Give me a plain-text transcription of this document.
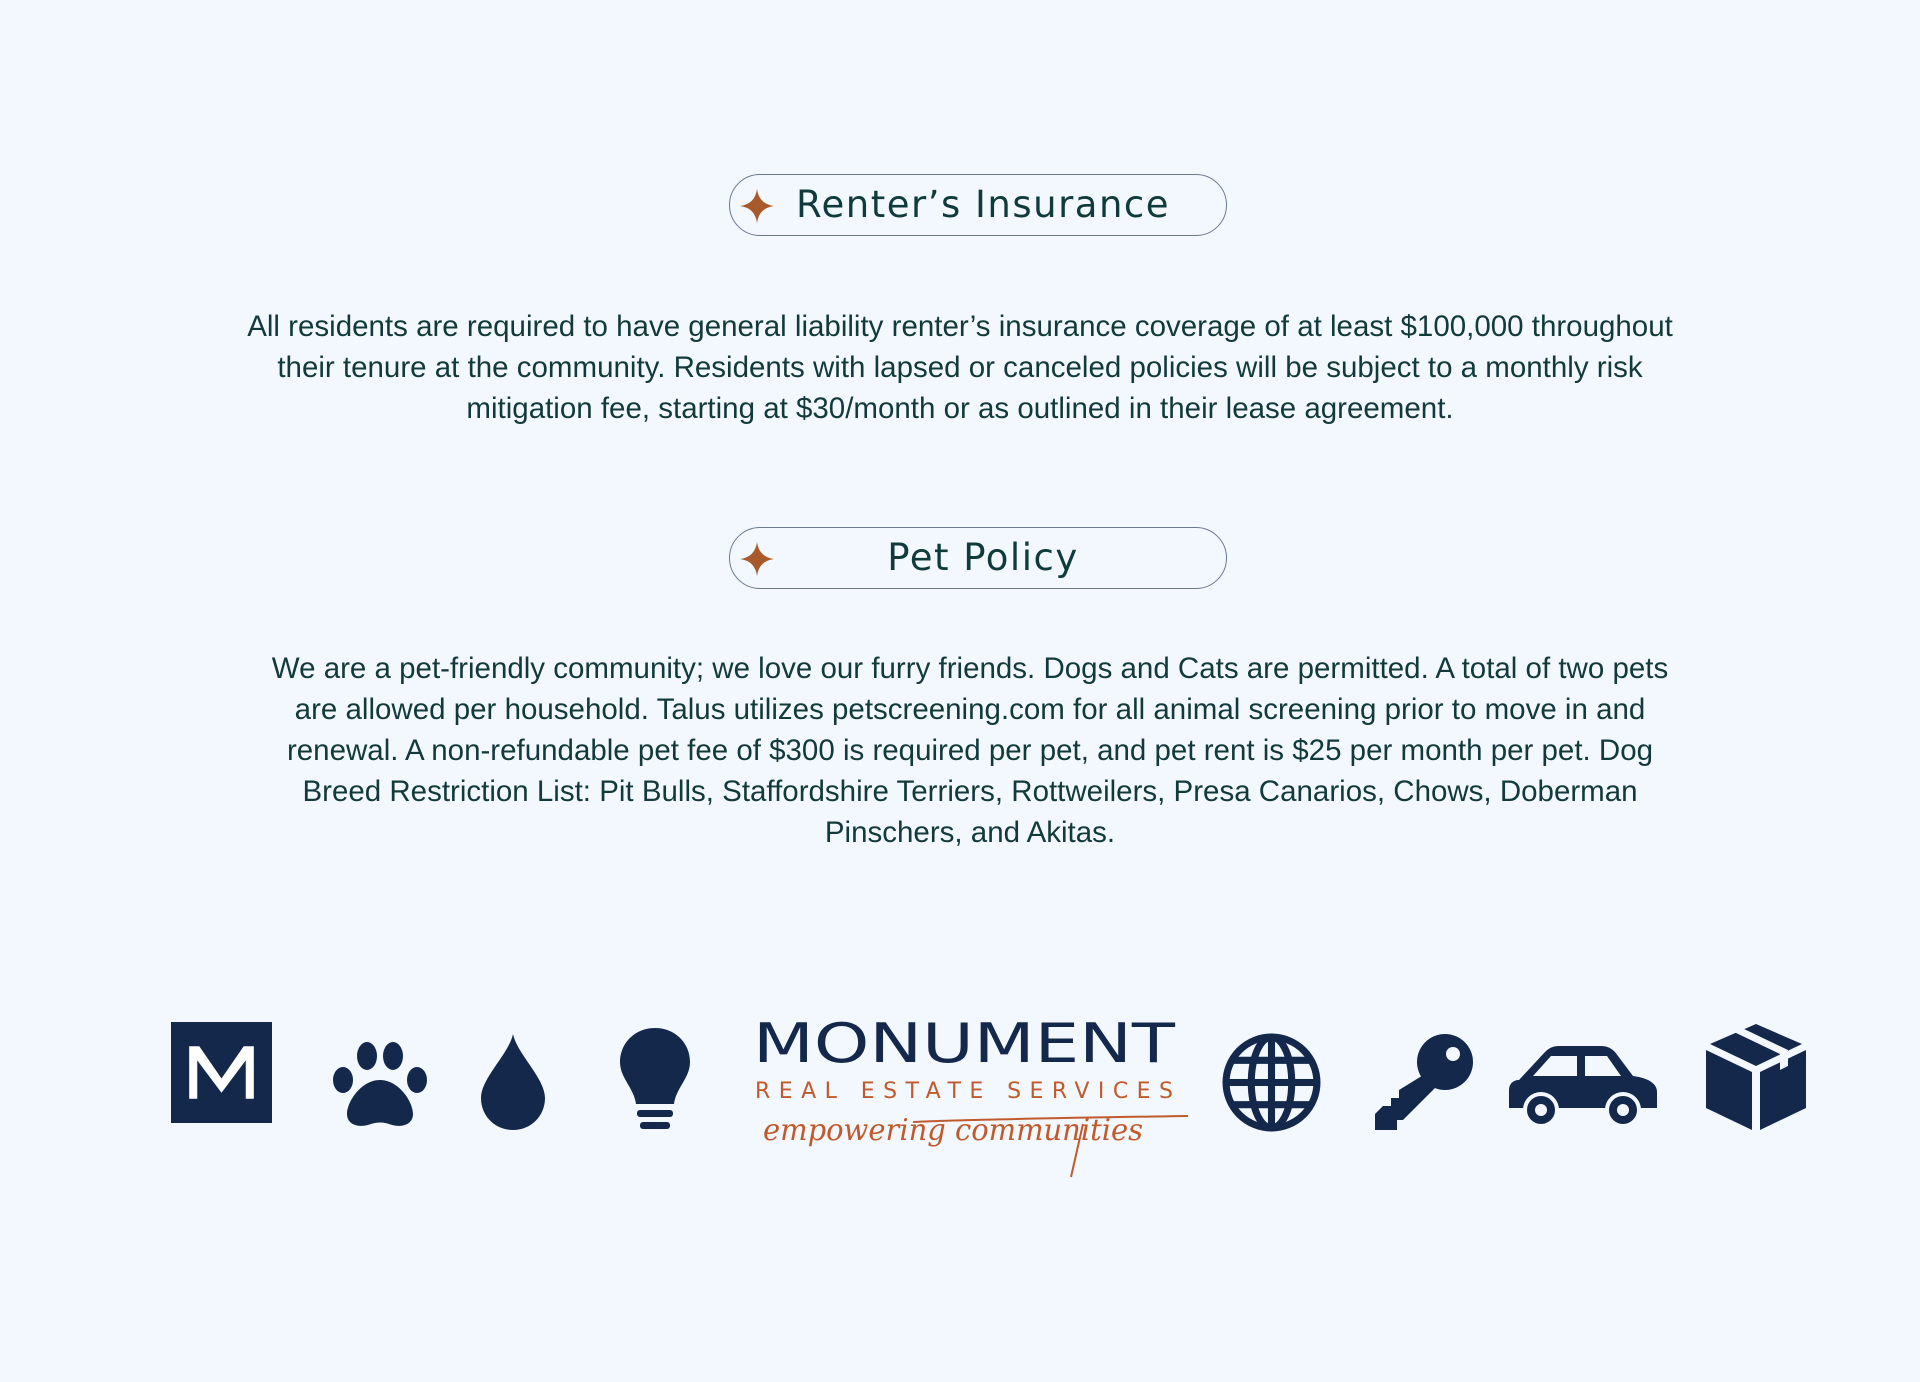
Renter’s Insurance
All residents are required to have general liability renter’s insurance coverage of at least $100,000 throughout their tenure at the community. Residents with lapsed or canceled policies will be subject to a monthly risk mitigation fee, starting at $30/month or as outlined in their lease agreement.
Pet Policy
We are a pet-friendly community; we love our furry friends. Dogs and Cats are permitted. A total of two pets are allowed per household. Talus utilizes petscreening.com for all animal screening prior to move in and renewal. A non-refundable pet fee of $300 is required per pet, and pet rent is $25 per month per pet. Dog Breed Restriction List: Pit Bulls, Staffordshire Terriers, Rottweilers, Presa Canarios, Chows, Doberman Pinschers, and Akitas.
MONUMENT
REAL ESTATE SERVICES
empowering communities
